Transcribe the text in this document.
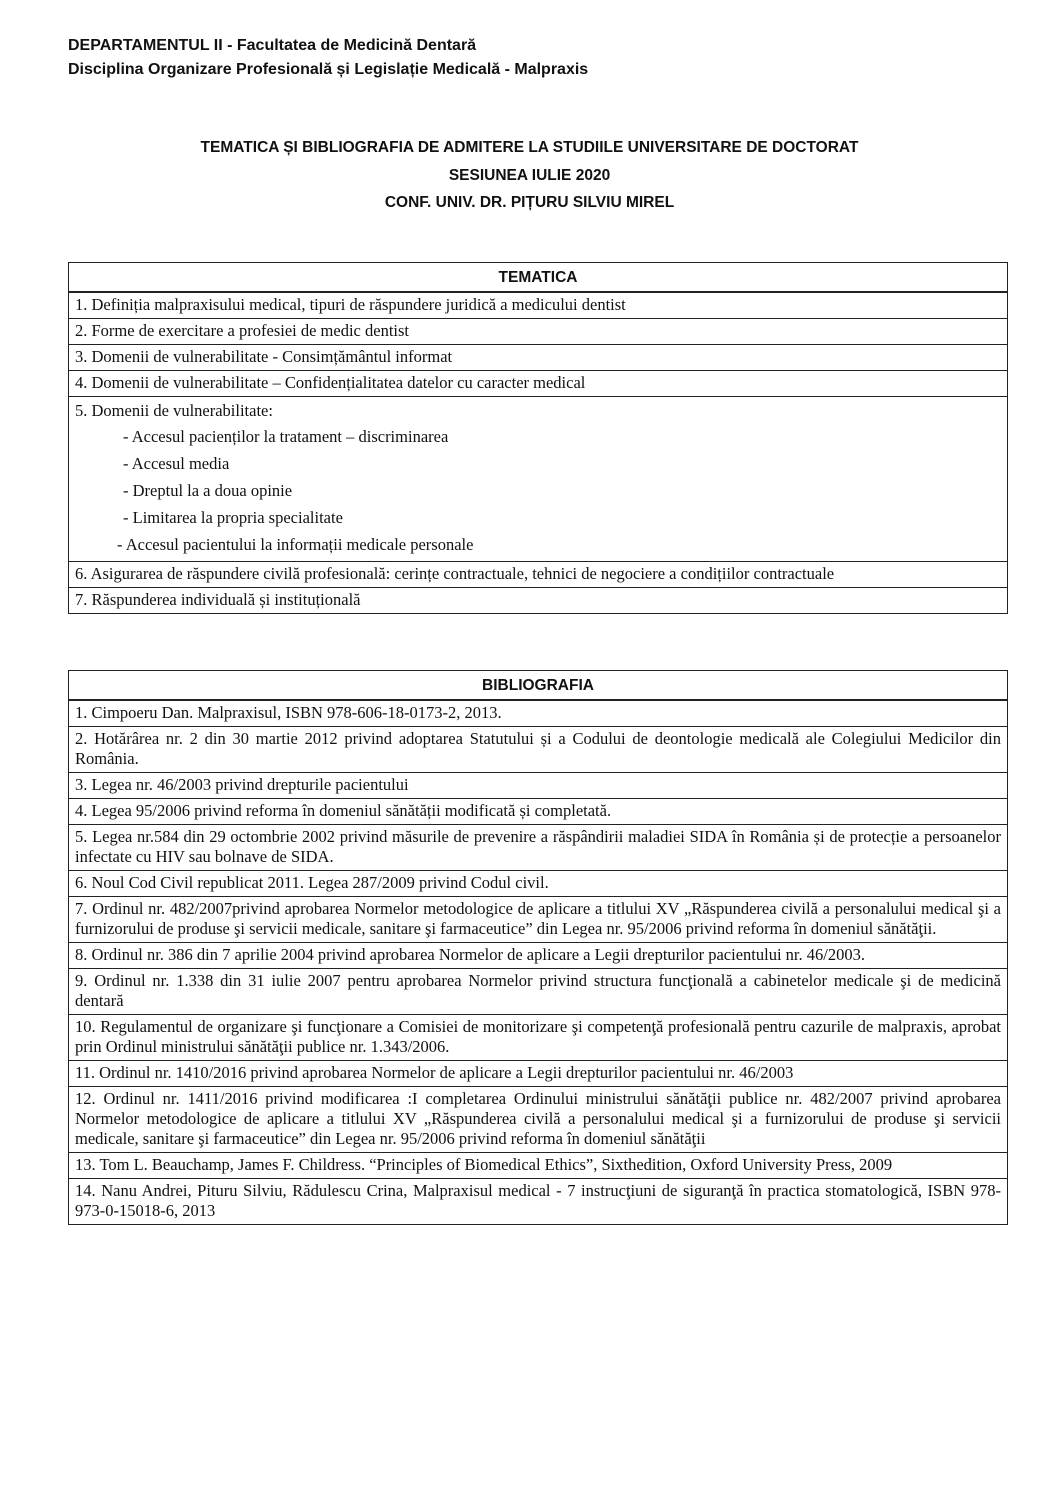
DEPARTAMENTUL II - Facultatea de Medicină Dentară
Disciplina Organizare Profesională și Legislație Medicală - Malpraxis
TEMATICA ȘI BIBLIOGRAFIA DE ADMITERE LA STUDIILE UNIVERSITARE DE DOCTORAT
SESIUNEA IULIE 2020
CONF. UNIV. DR. PIȚURU SILVIU MIREL
TEMATICA
1. Definiția malpraxisului medical, tipuri de răspundere juridică a medicului dentist
2. Forme de exercitare a profesiei de medic dentist
3. Domenii de vulnerabilitate - Consimțământul informat
4. Domenii de vulnerabilitate – Confidențialitatea datelor cu caracter medical

5. Domenii de vulnerabilitate:
- Accesul pacienților la tratament – discriminarea
- Accesul media
- Dreptul la a doua opinie
- Limitarea la propria specialitate
- Accesul pacientului la informații medicale personale

6. Asigurarea de răspundere civilă profesională: cerințe contractuale, tehnici de negociere a condițiilor contractuale
7. Răspunderea individuală și instituțională
BIBLIOGRAFIA
1. Cimpoeru Dan. Malpraxisul, ISBN 978-606-18-0173-2, 2013.
2. Hotărârea nr. 2 din 30 martie 2012 privind adoptarea Statutului și a Codului de deontologie medicală ale Colegiului Medicilor din România.
3. Legea nr. 46/2003 privind drepturile pacientului
4. Legea 95/2006 privind reforma în domeniul sănătății modificată și completată.
5. Legea nr.584 din 29 octombrie 2002 privind măsurile de prevenire a răspândirii maladiei SIDA în România și de protecție a persoanelor infectate cu HIV sau bolnave de SIDA.
6. Noul Cod Civil republicat 2011. Legea 287/2009 privind Codul civil.
7. Ordinul nr. 482/2007privind aprobarea Normelor metodologice de aplicare a titlului XV „Răspunderea civilă a personalului medical şi a furnizorului de produse şi servicii medicale, sanitare şi farmaceutice” din Legea nr. 95/2006 privind reforma în domeniul sănătăţii.
8. Ordinul nr. 386 din 7 aprilie 2004 privind aprobarea Normelor de aplicare a Legii drepturilor pacientului nr. 46/2003.
9. Ordinul nr. 1.338 din 31 iulie 2007 pentru aprobarea Normelor privind structura funcţională a cabinetelor medicale şi de medicină dentară
10. Regulamentul de organizare şi funcţionare a Comisiei de monitorizare şi competenţă profesională pentru cazurile de malpraxis, aprobat prin Ordinul ministrului sănătăţii publice nr. 1.343/2006.
11. Ordinul nr. 1410/2016 privind aprobarea Normelor de aplicare a Legii drepturilor pacientului nr. 46/2003
12. Ordinul nr. 1411/2016 privind modificarea :I completarea Ordinului ministrului sănătăţii publice nr. 482/2007 privind aprobarea Normelor metodologice de aplicare a titlului XV „Răspunderea civilă a personalului medical şi a furnizorului de produse şi servicii medicale, sanitare şi farmaceutice” din Legea nr. 95/2006 privind reforma în domeniul sănătăţii
13. Tom L. Beauchamp, James F. Childress. “Principles of Biomedical Ethics”, Sixthedition, Oxford University Press, 2009
14. Nanu Andrei, Pituru Silviu, Rădulescu Crina, Malpraxisul medical - 7 instrucţiuni de siguranţă în practica stomatologică, ISBN 978-973-0-15018-6, 2013
